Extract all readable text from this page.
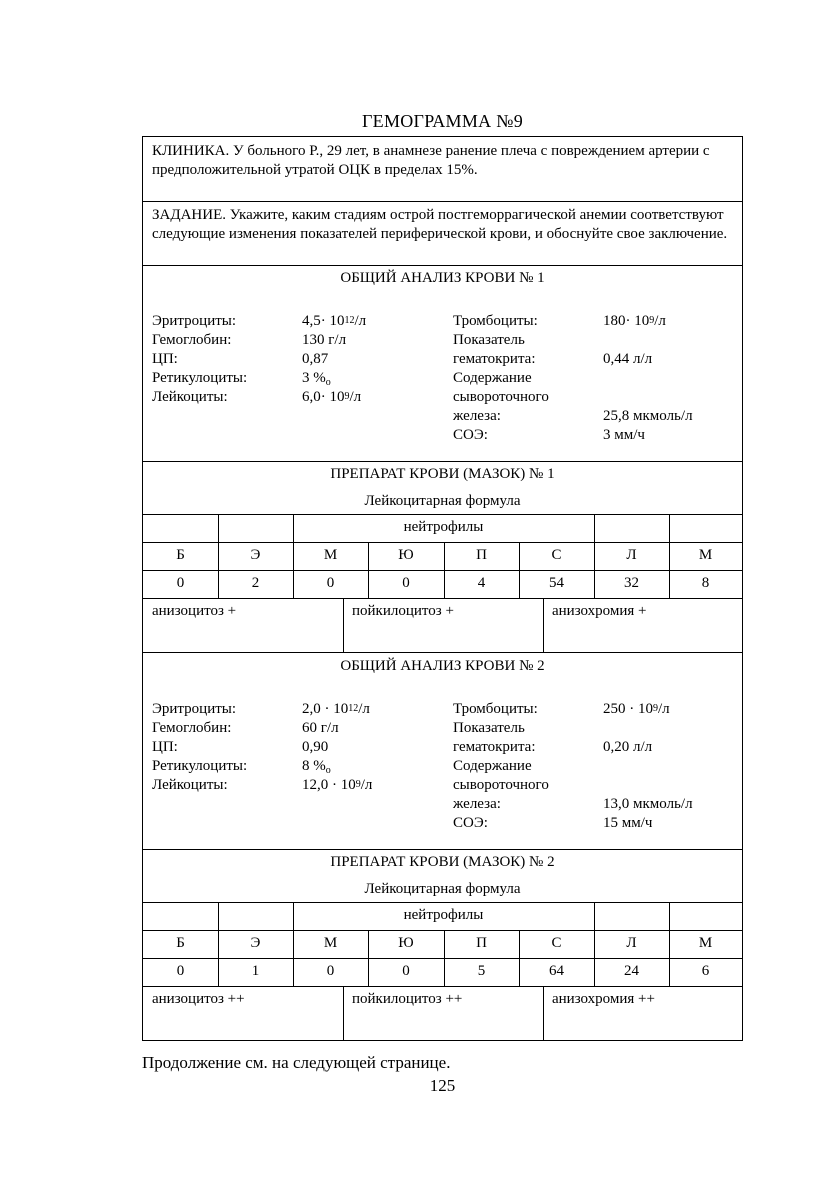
ГЕМОГРАММА №9
КЛИНИКА. У больного Р., 29 лет, в анамнезе ранение плеча с повреждением артерии с предположительной утратой ОЦК в пределах 15%.
ЗАДАНИЕ. Укажите, каким стадиям острой постгеморрагической анемии соответствуют следующие изменения показателей периферической крови, и обоснуйте свое заключение.
ОБЩИЙ АНАЛИЗ КРОВИ № 1
Эритроциты:	$4,5\cdot 10^{12}/л$
Гемоглобин:	130 г/л
ЦП:	0,87
Ретикулоциты:	3 $\%_o$
Лейкоциты:	$6,0\cdot 10^9/л$
Тромбоциты:	$180\cdot 10^9/л$
Показатель
гематокрита:	0,44 л/л
Содержание
сывороточного
железа:	25,8 мкмоль/л
СОЭ:	3 мм/ч
ПРЕПАРАТ КРОВИ (МАЗОК) № 1
Лейкоцитарная формула
нейтрофилы
Б	Э	М	Ю	П	С	Л	М
0	2	0	0	4	54	32	8
анизоцитоз +	пойкилоцитоз +	анизохромия +
ОБЩИЙ АНАЛИЗ КРОВИ № 2
Эритроциты:	$2,0 \cdot 10^{12}/л$
Гемоглобин:	60 г/л
ЦП:	0,90
Ретикулоциты:	8 $\%_o$
Лейкоциты:	$12,0 \cdot 10^9/л$
Тромбоциты:	$250 \cdot 10^9/л$
Показатель
гематокрита:	0,20 л/л
Содержание
сывороточного
железа:	13,0 мкмоль/л
СОЭ:	15 мм/ч
ПРЕПАРАТ КРОВИ (МАЗОК) № 2
Лейкоцитарная формула
нейтрофилы
Б	Э	М	Ю	П	С	Л	М
0	1	0	0	5	64	24	6
анизоцитоз ++	пойкилоцитоз ++	анизохромия ++
Продолжение см. на следующей странице.
125
